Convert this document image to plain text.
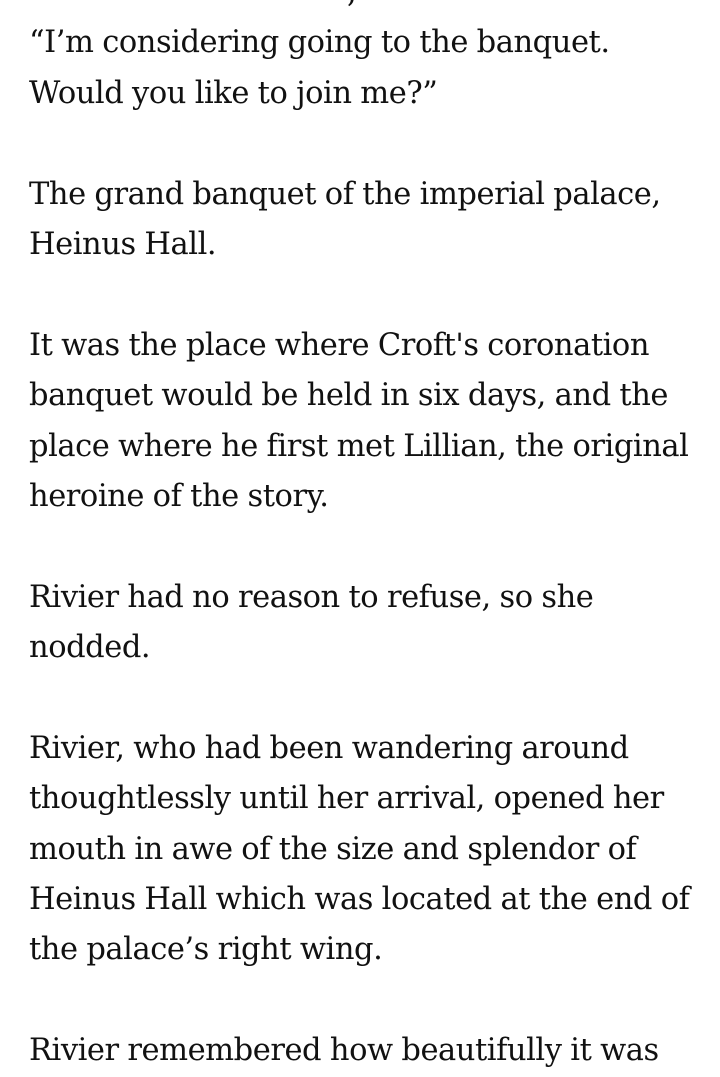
“I’m considering going to the banquet.
Would you like to join me?”
The grand banquet of the imperial palace,
Heinus Hall.
It was the place where Croft's coronation
banquet would be held in six days, and the
place where he first met Lillian, the original
heroine of the story.
Rivier had no reason to refuse, so she
nodded.
Rivier, who had been wandering around
thoughtlessly until her arrival, opened her
mouth in awe of the size and splendor of
Heinus Hall which was located at the end of
the palace’s right wing.
Rivier remembered how beautifully it was
